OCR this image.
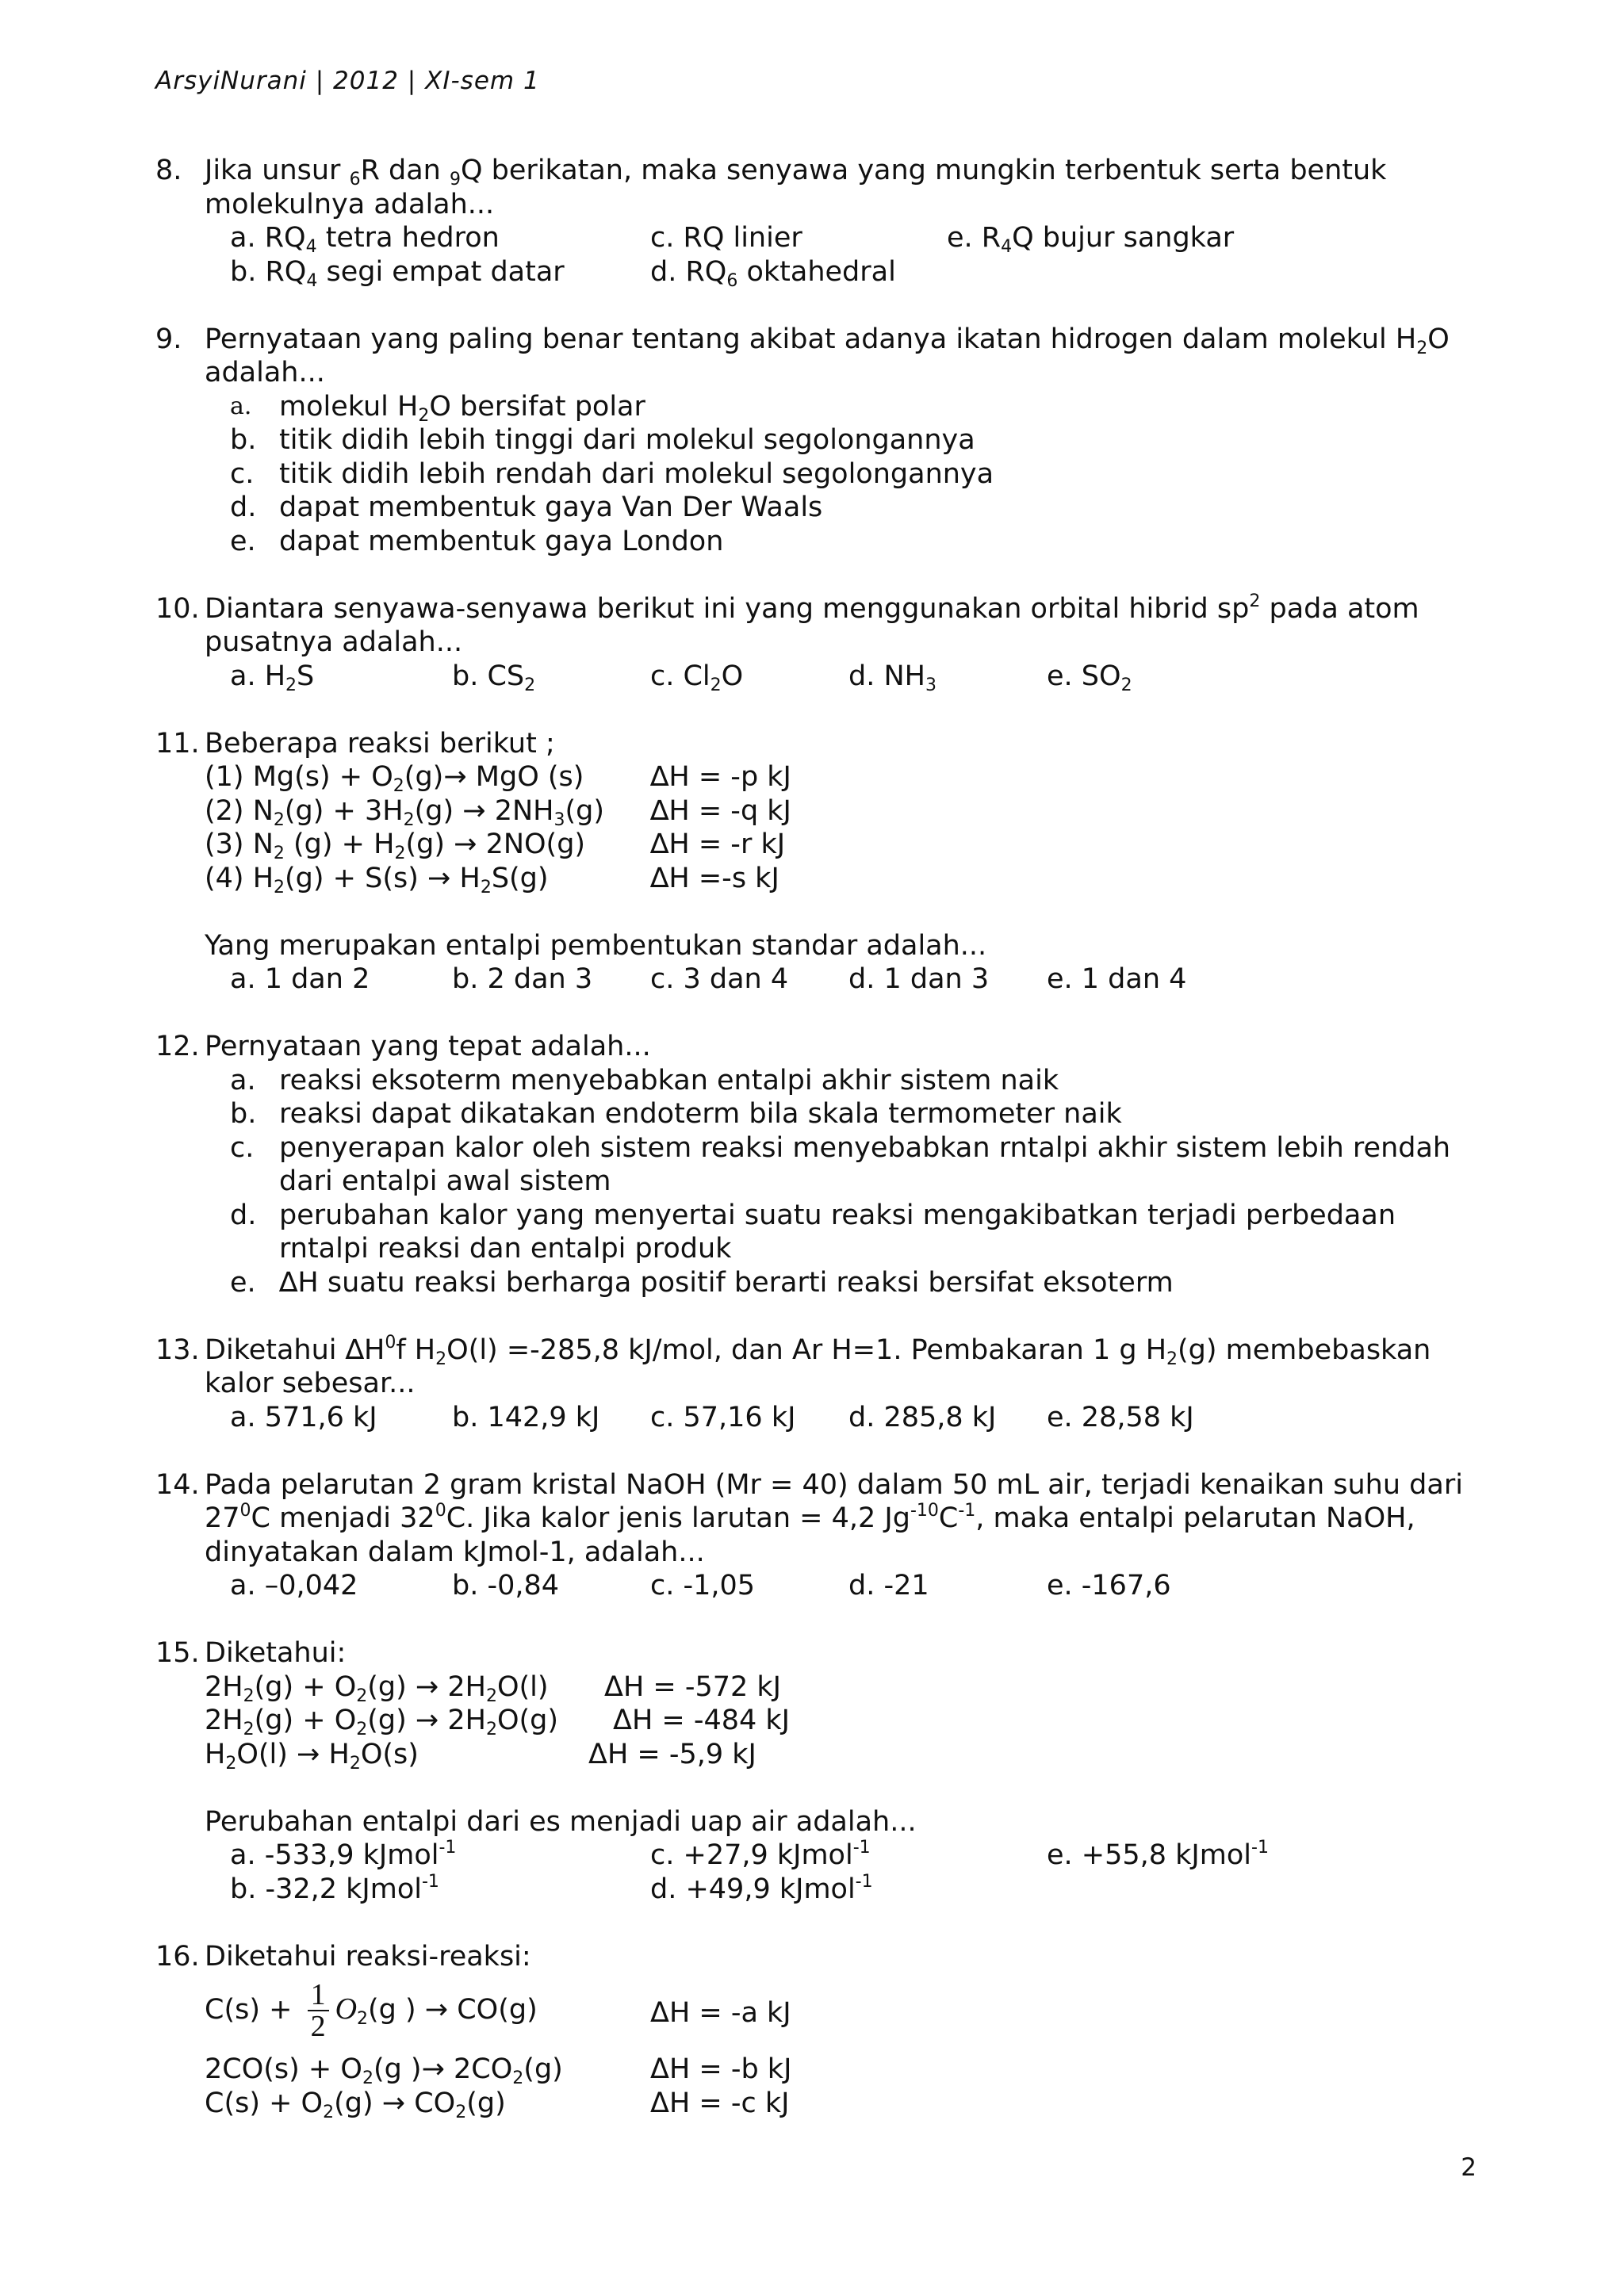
ArsyiNurani | 2012 | XI-sem 1
8. Jika unsur $_6$R dan $_9$Q berikatan, maka senyawa yang mungkin terbentuk serta bentuk
molekulnya adalah...
a. $RQ_4$ tetra hedron	c. RQ linier	e. $R_4Q$ bujur sangkar
b. $RQ_4$ segi empat datar	d. $RQ_6$ oktahedral
9. Pernyataan yang paling benar tentang akibat adanya ikatan hidrogen dalam molekul $H_2O$
adalah...
a. molekul $H_2O$ bersifat polar
b. titik didih lebih tinggi dari molekul segolongannya
c. titik didih lebih rendah dari molekul segolongannya
d. dapat membentuk gaya Van Der Waals
e. dapat membentuk gaya London
10. Diantara senyawa-senyawa berikut ini yang menggunakan orbital hibrid $sp^2$ pada atom
pusatnya adalah...
a. $H_2S$	b. $CS_2$	c. $Cl_2O$	d. $NH_3$	e. $SO_2$
11. Beberapa reaksi berikut ;
(1) $Mg(s) + O_2(g)\to$ MgO (s) ∆H = -p kJ
(2) $N_2(g) + 3H_2(g) \to 2NH_3(g) \Delta H = -q$ kJ
(3) $N_2$ $(g) + H_2(g) \to 2NO(g) \Delta H = -r$ kJ
(4) $H_2(g) + S(s) \to H_2S(g)$	∆H =-s kJ
Yang merupakan entalpi pembentukan standar adalah...
a. 1 dan 2	b. 2 dan 3 c. 3 dan 4 d. 1 dan 3 e. 1 dan 4
12. Pernyataan yang tepat adalah...
a. reaksi eksoterm menyebabkan entalpi akhir sistem naik
b. reaksi dapat dikatakan endoterm bila skala termometer naik
c. penyerapan kalor oleh sistem reaksi menyebabkan rntalpi akhir sistem lebih rendah
dari entalpi awal sistem
d. perubahan kalor yang menyertai suatu reaksi mengakibatkan terjadi perbedaan
rntalpi reaksi dan entalpi produk
e. ∆H suatu reaksi berharga positif berarti reaksi bersifat eksoterm
13. Diketahui $\Delta H^0f$ $H_2O(l) =-285,8$ kJ/mol, dan Ar H=1. Pembakaran 1 g $H_2(g)$ membebaskan
kalor sebesar...
a. 571,6 kJ	b. 142,9 kJ c. 57,16 kJ d. 285,8 kJ e. 28,58 kJ
14. Pada pelarutan 2 gram kristal NaOH (Mr = 40) dalam 50 mL air, terjadi kenaikan suhu dari
$27^0C$ menjadi $32^0C$. Jika kalor jenis larutan = 4,2 $Jg^{-10}C^{-1}$, maka entalpi pelarutan NaOH,
dinyatakan dalam kJmol-1, adalah...
a. –0,042	b. -0,84	c. -1,05	d. -21	e. -167,6
15. Diketahui:
$2H_2(g) + O_2(g) \to 2H_2O(l) \Delta H = -572$ kJ
$2H_2(g) + O_2(g) \to 2H_2O(g) \Delta H = -484$ kJ
$H_2O(l) \to H_2O(s)$	ΔH = -5,9 kJ
Perubahan entalpi dari es menjadi uap air adalah...
a. -533,9 kJmol$^{-1}$	c. +27,9 kJmol$^{-1}$	e. +55,8 kJmol$^{-1}$
b. -32,2 kJmol$^{-1}$	d. +49,9 kJmol$^{-1}$
16. Diketahui reaksi-reaksi:
$C(s) + \frac{1}{2} O_2(g$ ) → CO(g)	ΔH = -a kJ
$2CO(s) + O_2(g$ )→ $2CO_2(g)$	ΔH = -b kJ
$C(s) + O_2(g) \to CO_2(g)$	ΔH = -c kJ
2
